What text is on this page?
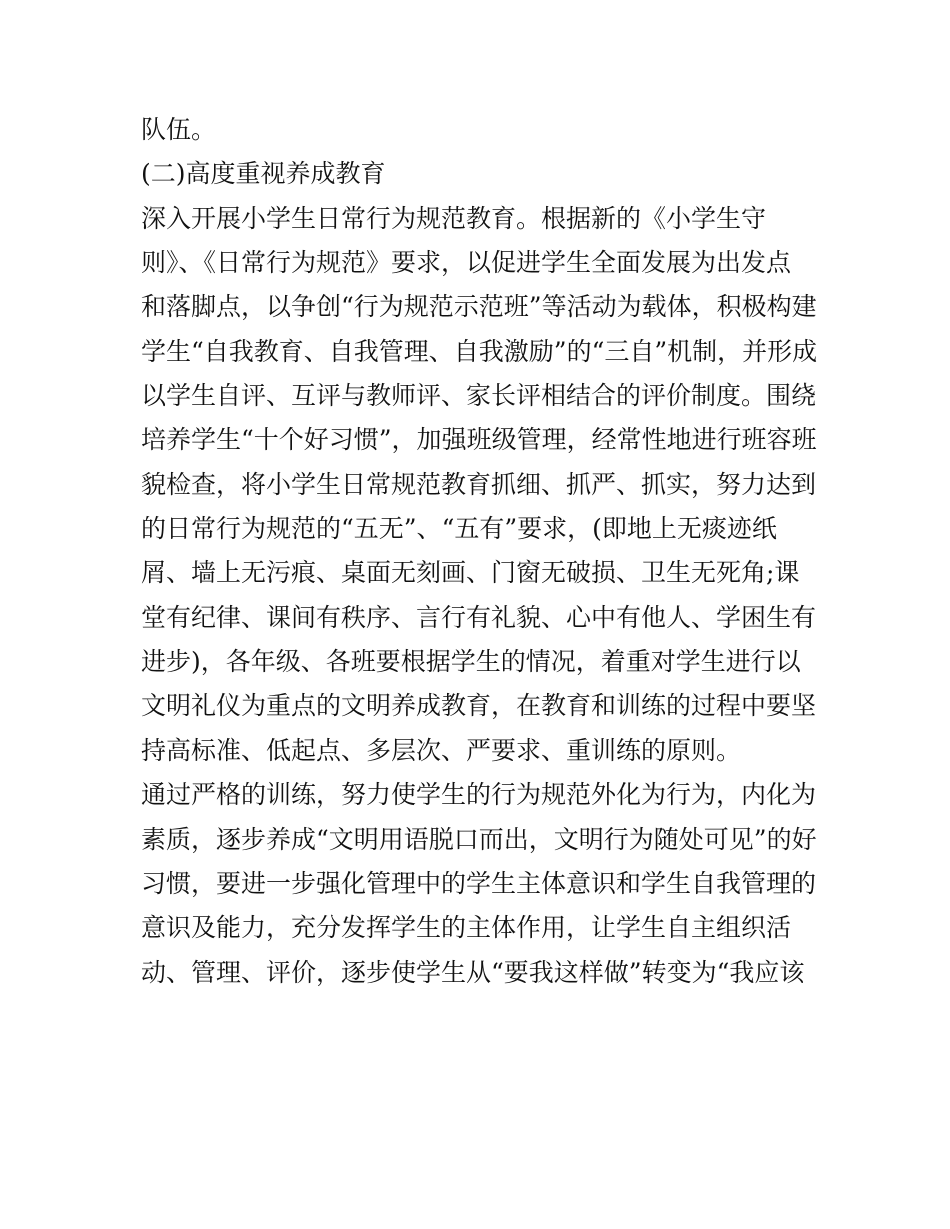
队伍。
(二)高度重视养成教育
深入开展小学生日常行为规范教育。根据新的《小学生守
则》、《日常行为规范》要求，以促进学生全面发展为出发点
和落脚点，以争创“行为规范示范班”等活动为载体，积极构建
学生“自我教育、自我管理、自我激励”的“三自”机制，并形成
以学生自评、互评与教师评、家长评相结合的评价制度。围绕
培养学生“十个好习惯”，加强班级管理，经常性地进行班容班
貌检查，将小学生日常规范教育抓细、抓严、抓实，努力达到
的日常行为规范的“五无”、“五有”要求，(即地上无痰迹纸
屑、墙上无污痕、桌面无刻画、门窗无破损、卫生无死角;课
堂有纪律、课间有秩序、言行有礼貌、心中有他人、学困生有
进步)，各年级、各班要根据学生的情况，着重对学生进行以
文明礼仪为重点的文明养成教育，在教育和训练的过程中要坚
持高标准、低起点、多层次、严要求、重训练的原则。
通过严格的训练，努力使学生的行为规范外化为行为，内化为
素质，逐步养成“文明用语脱口而出，文明行为随处可见”的好
习惯，要进一步强化管理中的学生主体意识和学生自我管理的
意识及能力，充分发挥学生的主体作用，让学生自主组织活
动、管理、评价，逐步使学生从“要我这样做”转变为“我应该
